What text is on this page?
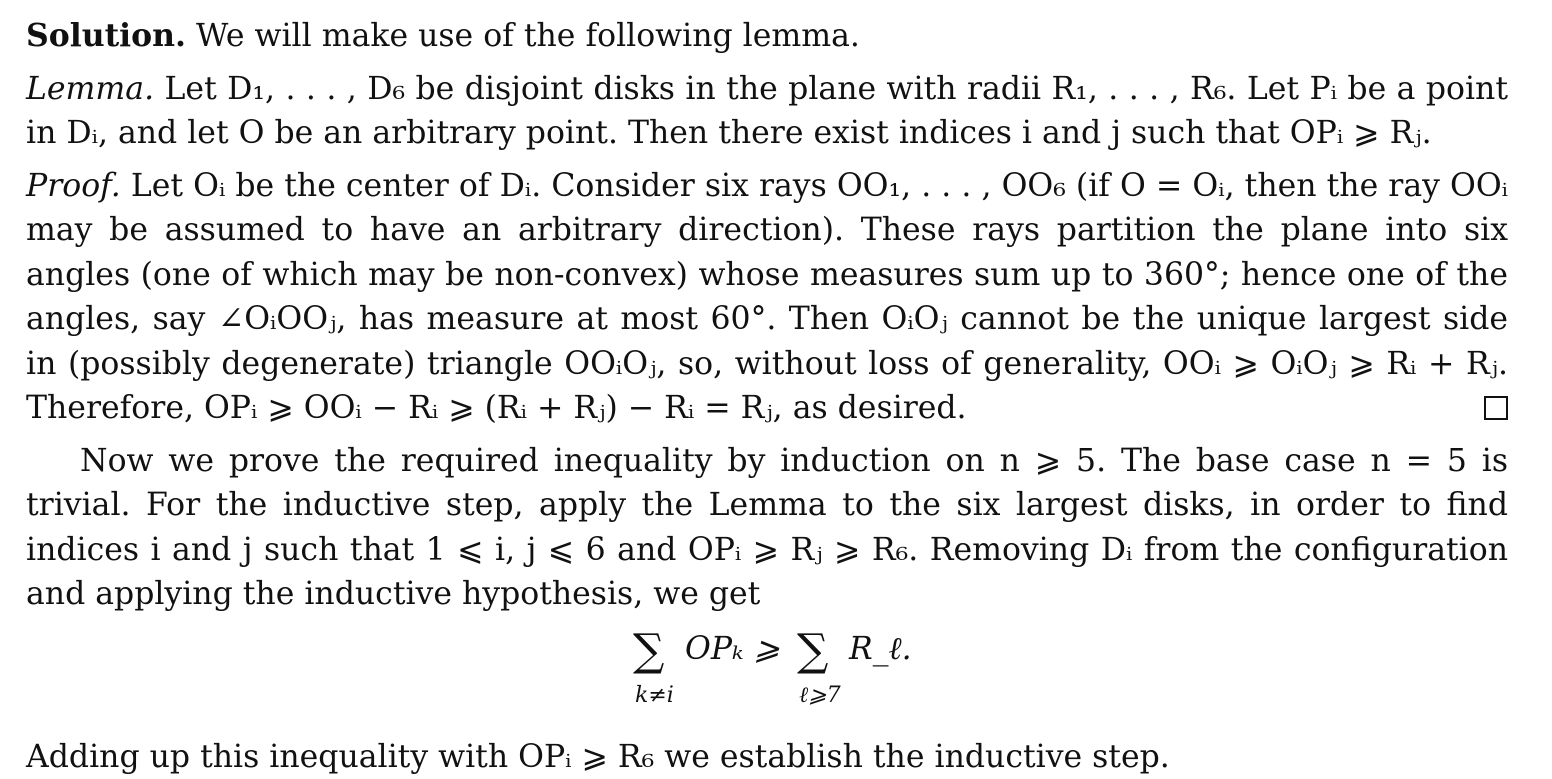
Solution. We will make use of the following lemma.

Lemma. Let D₁, . . . , D₆ be disjoint disks in the plane with radii R₁, . . . , R₆. Let Pᵢ be a point in Dᵢ, and let O be an arbitrary point. Then there exist indices i and j such that OPᵢ ⩾ Rⱼ.

Proof. Let Oᵢ be the center of Dᵢ. Consider six rays OO₁, . . . , OO₆ (if O = Oᵢ, then the ray OOᵢ may be assumed to have an arbitrary direction). These rays partition the plane into six angles (one of which may be non-convex) whose measures sum up to 360°; hence one of the angles, say ∠OᵢOOⱼ, has measure at most 60°. Then OᵢOⱼ cannot be the unique largest side in (possibly degenerate) triangle OOᵢOⱼ, so, without loss of generality, OOᵢ ⩾ OᵢOⱼ ⩾ Rᵢ + Rⱼ. Therefore, OPᵢ ⩾ OOᵢ − Rᵢ ⩾ (Rᵢ + Rⱼ) − Rᵢ = Rⱼ, as desired.

Now we prove the required inequality by induction on n ⩾ 5. The base case n = 5 is trivial. For the inductive step, apply the Lemma to the six largest disks, in order to find indices i and j such that 1 ⩽ i, j ⩽ 6 and OPᵢ ⩾ Rⱼ ⩾ R₆. Removing Dᵢ from the configuration and applying the inductive hypothesis, we get

∑
k≠i
OPₖ ⩾ ∑
ℓ⩾7
R_ℓ.

Adding up this inequality with OPᵢ ⩾ R₆ we establish the inductive step.
